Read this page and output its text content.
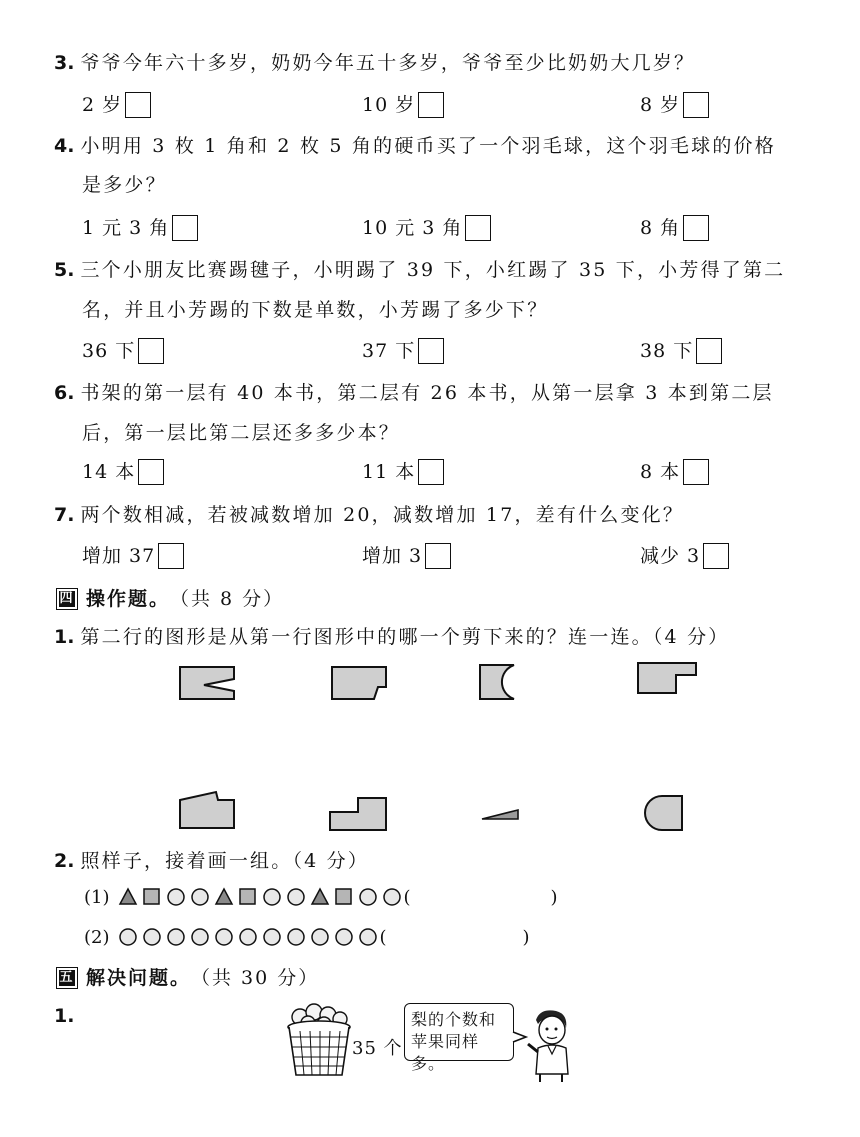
3. 爷爷今年六十多岁，奶奶今年五十多岁，爷爷至少比奶奶大几岁？
2 岁	10 岁	8 岁
4. 小明用 3 枚 1 角和 2 枚 5 角的硬币买了一个羽毛球，这个羽毛球的价格
是多少？
1 元 3 角	10 元 3 角	8 角
5. 三个小朋友比赛踢毽子，小明踢了 39 下，小红踢了 35 下，小芳得了第二
名，并且小芳踢的下数是单数，小芳踢了多少下？
36 下	37 下	38 下
6. 书架的第一层有 40 本书，第二层有 26 本书，从第一层拿 3 本到第二层
后，第一层比第二层还多多少本？
14 本	11 本	8 本
7. 两个数相减，若被减数增加 20，减数增加 17，差有什么变化？
增加 37	增加 3	减少 3
四 操作题。 （共 8 分）
1. 第二行的图形是从第一行图形中的哪一个剪下来的？连一连。（4 分）
2. 照样子，接着画一组。（4 分）
(1)	(	)
(2)	(	)
五 解决问题。 （共 30 分）
1.
35 个
梨的个数和
苹果同样多。
